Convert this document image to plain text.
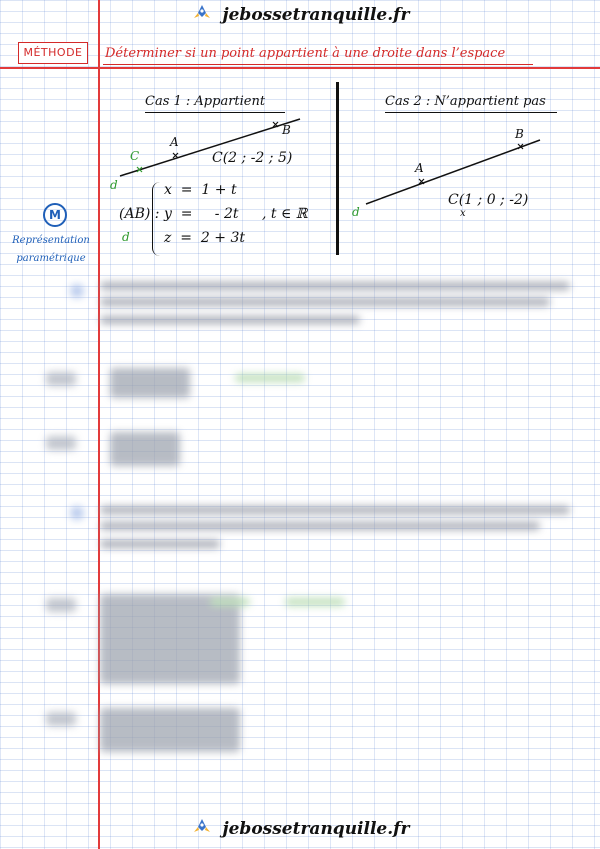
jebossetranquille.fr
MÉTHODE	Déterminer si un point appartient à une droite dans l’espace
M
Représentation
paramétrique
Cas 1 : Appartient	Cas 2 : N’appartient pas
C
A
B
d
C(2 ; -2 ; 5)
A
B
d
C(1 ; 0 ; -2)
x
(AB) :
x  =  1 + t
y  =     - 2t
z  =  2 + 3t
, t ∈ ℝ
d
jebossetranquille.fr
